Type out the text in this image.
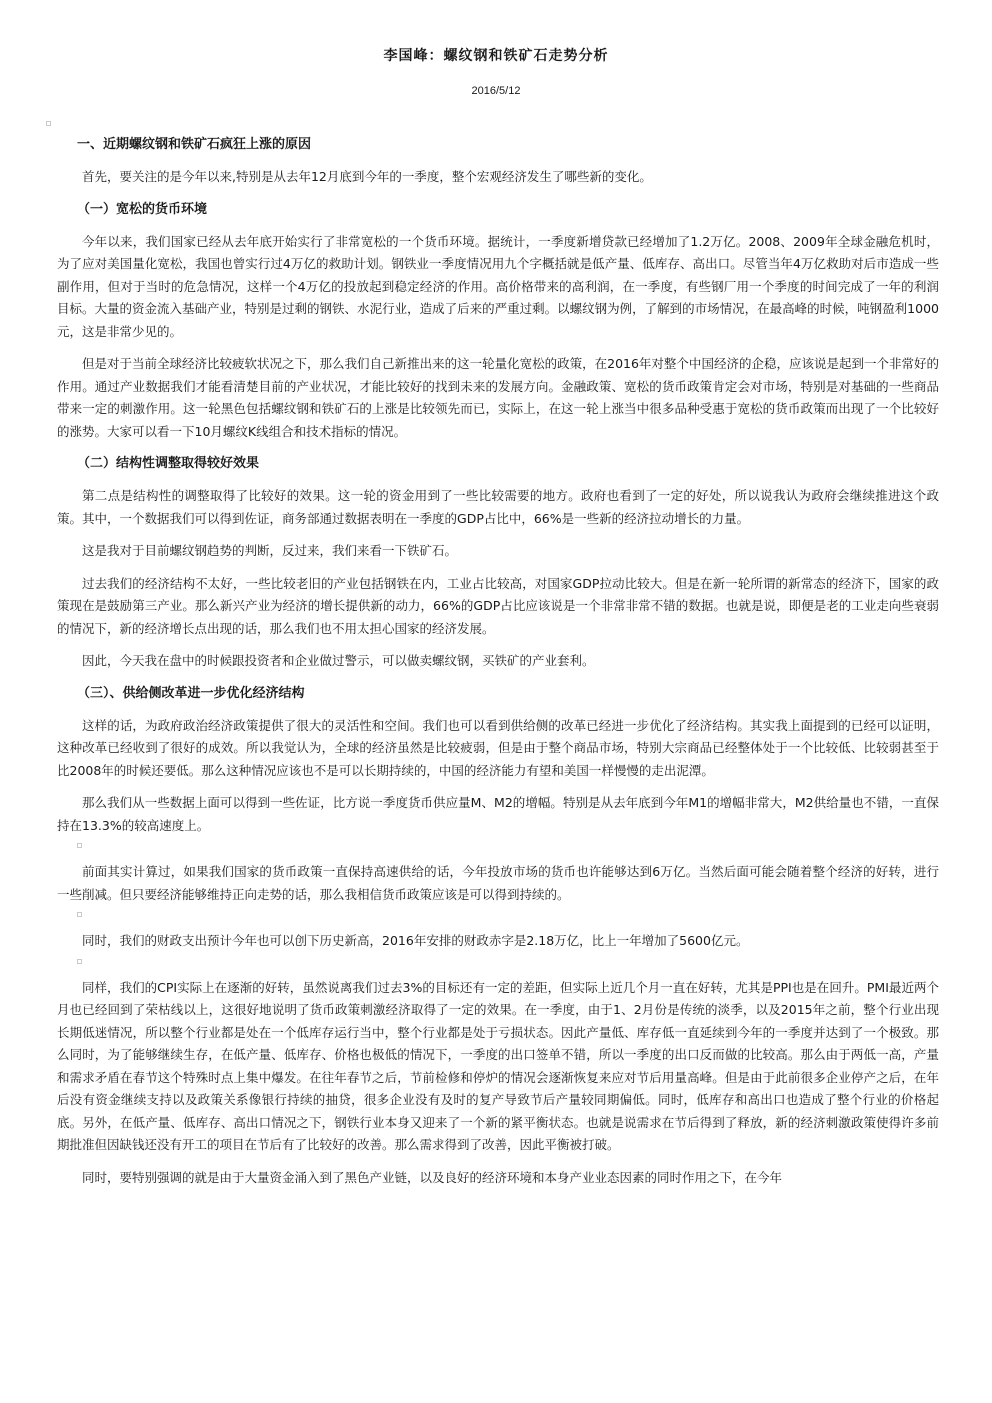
李国峰：螺纹钢和铁矿石走势分析
2016/5/12
一、近期螺纹钢和铁矿石疯狂上涨的原因

首先，要关注的是今年以来,特别是从去年12月底到今年的一季度，整个宏观经济发生了哪些新的变化。

（一）宽松的货币环境

今年以来，我们国家已经从去年底开始实行了非常宽松的一个货币环境。据统计，一季度新增贷款已经增加了1.2万亿。2008、2009年全球金融危机时，为了应对美国量化宽松，我国也曾实行过4万亿的救助计划。钢铁业一季度情况用九个字概括就是低产量、低库存、高出口。尽管当年4万亿救助对后市造成一些副作用，但对于当时的危急情况，这样一个4万亿的投放起到稳定经济的作用。高价格带来的高利润，在一季度，有些钢厂用一个季度的时间完成了一年的利润目标。大量的资金流入基础产业，特别是过剩的钢铁、水泥行业，造成了后来的严重过剩。以螺纹钢为例，了解到的市场情况，在最高峰的时候，吨钢盈利1000元，这是非常少见的。

但是对于当前全球经济比较疲软状况之下，那么我们自己新推出来的这一轮量化宽松的政策，在2016年对整个中国经济的企稳，应该说是起到一个非常好的作用。通过产业数据我们才能看清楚目前的产业状况，才能比较好的找到未来的发展方向。金融政策、宽松的货币政策肯定会对市场，特别是对基础的一些商品带来一定的刺激作用。这一轮黑色包括螺纹钢和铁矿石的上涨是比较领先而已，实际上，在这一轮上涨当中很多品种受惠于宽松的货币政策而出现了一个比较好的涨势。大家可以看一下10月螺纹K线组合和技术指标的情况。

（二）结构性调整取得较好效果

第二点是结构性的调整取得了比较好的效果。这一轮的资金用到了一些比较需要的地方。政府也看到了一定的好处，所以说我认为政府会继续推进这个政策。其中，一个数据我们可以得到佐证，商务部通过数据表明在一季度的GDP占比中，66%是一些新的经济拉动增长的力量。

这是我对于目前螺纹钢趋势的判断，反过来，我们来看一下铁矿石。

过去我们的经济结构不太好，一些比较老旧的产业包括钢铁在内，工业占比较高，对国家GDP拉动比较大。但是在新一轮所谓的新常态的经济下，国家的政策现在是鼓励第三产业。那么新兴产业为经济的增长提供新的动力，66%的GDP占比应该说是一个非常非常不错的数据。也就是说，即便是老的工业走向些衰弱的情况下，新的经济增长点出现的话，那么我们也不用太担心国家的经济发展。

因此，今天我在盘中的时候跟投资者和企业做过警示，可以做卖螺纹钢，买铁矿的产业套利。

（三）、供给侧改革进一步优化经济结构

这样的话，为政府政治经济政策提供了很大的灵活性和空间。我们也可以看到供给侧的改革已经进一步优化了经济结构。其实我上面提到的已经可以证明，这种改革已经收到了很好的成效。所以我觉认为，全球的经济虽然是比较疲弱，但是由于整个商品市场，特别大宗商品已经整体处于一个比较低、比较弱甚至于比2008年的时候还要低。那么这种情况应该也不是可以长期持续的，中国的经济能力有望和美国一样慢慢的走出泥潭。

那么我们从一些数据上面可以得到一些佐证，比方说一季度货币供应量M、M2的增幅。特别是从去年底到今年M1的增幅非常大，M2供给量也不错，一直保持在13.3%的较高速度上。

前面其实计算过，如果我们国家的货币政策一直保持高速供给的话，今年投放市场的货币也许能够达到6万亿。当然后面可能会随着整个经济的好转，进行一些削减。但只要经济能够维持正向走势的话，那么我相信货币政策应该是可以得到持续的。

同时，我们的财政支出预计今年也可以创下历史新高，2016年安排的财政赤字是2.18万亿，比上一年增加了5600亿元。

同样，我们的CPI实际上在逐渐的好转，虽然说离我们过去3%的目标还有一定的差距，但实际上近几个月一直在好转，尤其是PPI也是在回升。PMI最近两个月也已经回到了荣枯线以上，这很好地说明了货币政策刺激经济取得了一定的效果。在一季度，由于1、2月份是传统的淡季，以及2015年之前，整个行业出现长期低迷情况，所以整个行业都是处在一个低库存运行当中，整个行业都是处于亏损状态。因此产量低、库存低一直延续到今年的一季度并达到了一个极致。那么同时，为了能够继续生存，在低产量、低库存、价格也极低的情况下，一季度的出口签单不错，所以一季度的出口反而做的比较高。那么由于两低一高，产量和需求矛盾在春节这个特殊时点上集中爆发。在往年春节之后，节前检修和停炉的情况会逐渐恢复来应对节后用量高峰。但是由于此前很多企业停产之后，在年后没有资金继续支持以及政策关系像银行持续的抽贷，很多企业没有及时的复产导致节后产量较同期偏低。同时，低库存和高出口也造成了整个行业的价格起底。另外，在低产量、低库存、高出口情况之下，钢铁行业本身又迎来了一个新的紧平衡状态。也就是说需求在节后得到了释放，新的经济刺激政策使得许多前期批准但因缺钱还没有开工的项目在节后有了比较好的改善。那么需求得到了改善，因此平衡被打破。

同时，要特别强调的就是由于大量资金涌入到了黑色产业链，以及良好的经济环境和本身产业业态因素的同时作用之下，在今年
